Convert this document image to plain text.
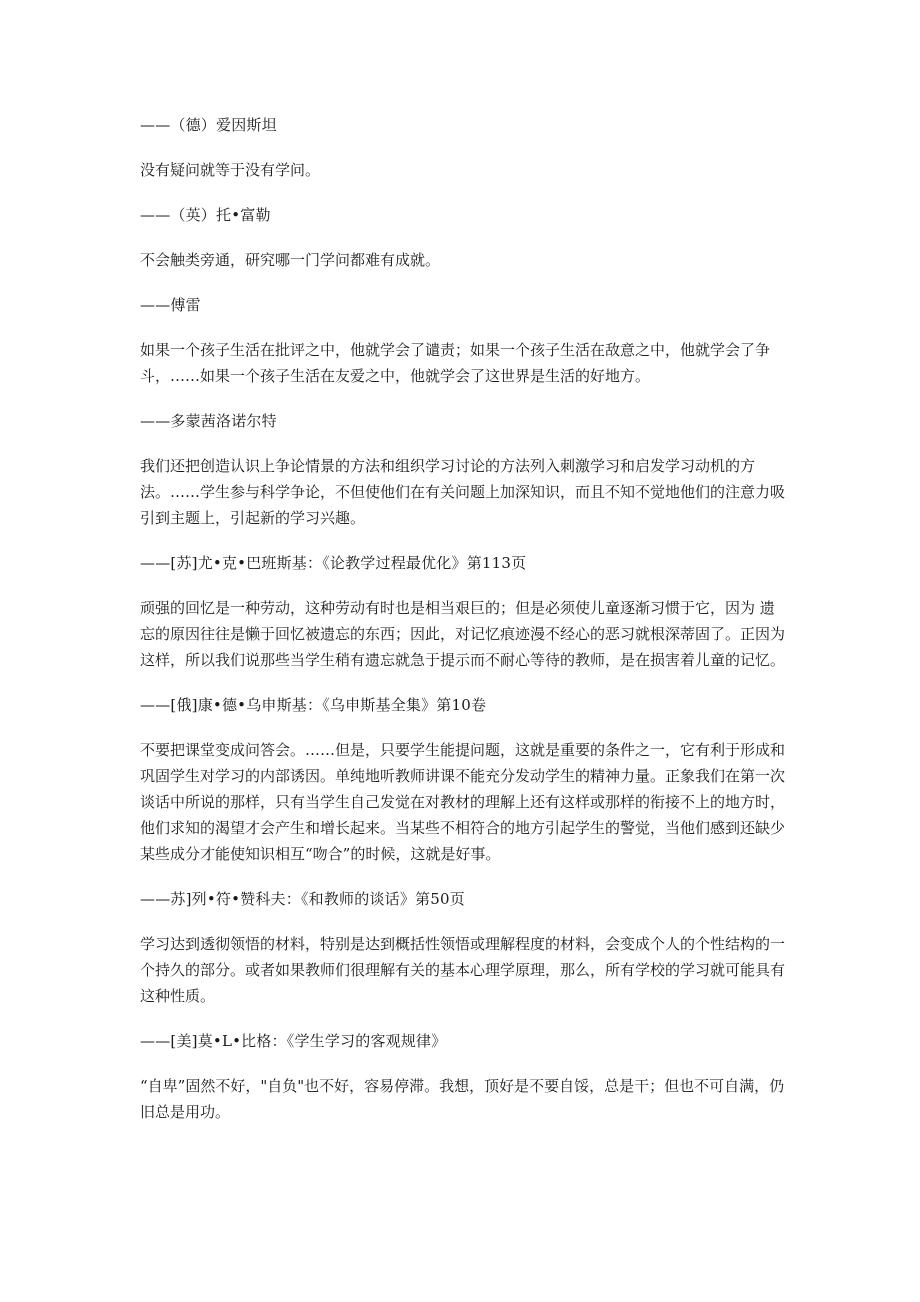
——（德）爱因斯坦

没有疑问就等于没有学问。

——（英）托•富勒

不会触类旁通，研究哪一门学问都难有成就。

——傅雷

如果一个孩子生活在批评之中，他就学会了谴责；如果一个孩子生活在敌意之中，他就学会了争斗，……如果一个孩子生活在友爱之中，他就学会了这世界是生活的好地方。

——多蒙茜洛诺尔特

我们还把创造认识上争论情景的方法和组织学习讨论的方法列入刺激学习和启发学习动机的方法。……学生参与科学争论，不但使他们在有关问题上加深知识，而且不知不觉地他们的注意力吸引到主题上，引起新的学习兴趣。

——[苏]尤•克•巴班斯基：《论教学过程最优化》第113页

顽强的回忆是一种劳动，这种劳动有时也是相当艰巨的；但是必须使儿童逐渐习惯于它，因为 遗忘的原因往往是懒于回忆被遗忘的东西；因此，对记忆痕迹漫不经心的恶习就根深蒂固了。正因为这样，所以我们说那些当学生稍有遗忘就急于提示而不耐心等待的教师，是在损害着儿童的记忆。

——[俄]康•德•乌申斯基：《乌申斯基全集》第10卷

不要把课堂变成问答会。……但是，只要学生能提问题，这就是重要的条件之一，它有利于形成和巩固学生对学习的内部诱因。单纯地听教师讲课不能充分发动学生的精神力量。正象我们在第一次谈话中所说的那样，只有当学生自己发觉在对教材的理解上还有这样或那样的衔接不上的地方时，他们求知的渴望才会产生和增长起来。当某些不相符合的地方引起学生的警觉，当他们感到还缺少某些成分才能使知识相互“吻合”的时候，这就是好事。

——苏]列•符•赞科夫：《和教师的谈话》第50页

学习达到透彻领悟的材料，特别是达到概括性领悟或理解程度的材料，会变成个人的个性结构的一个持久的部分。或者如果教师们很理解有关的基本心理学原理，那么，所有学校的学习就可能具有这种性质。

——[美]莫•L•比格：《学生学习的客观规律》

“自卑”固然不好，"自负"也不好，容易停滞。我想，顶好是不要自馁，总是干；但也不可自满，仍旧总是用功。
